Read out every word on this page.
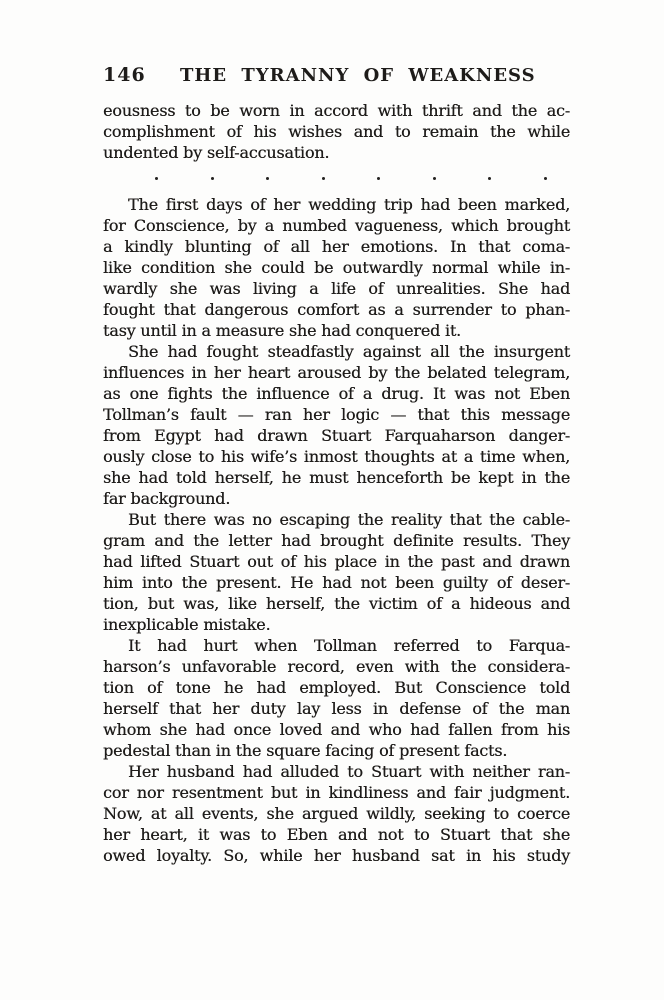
146	THE TYRANNY OF WEAKNESS
eousness to be worn in accord with thrift and the ac-
complishment of his wishes and to remain the while
undented by self-accusation.
The first days of her wedding trip had been marked,
for Conscience, by a numbed vagueness, which brought
a kindly blunting of all her emotions. In that coma-
like condition she could be outwardly normal while in-
wardly she was living a life of unrealities. She had
fought that dangerous comfort as a surrender to phan-
tasy until in a measure she had conquered it.
She had fought steadfastly against all the insurgent
influences in her heart aroused by the belated telegram,
as one fights the influence of a drug. It was not Eben
Tollman’s fault — ran her logic — that this message
from Egypt had drawn Stuart Farquaharson danger-
ously close to his wife’s inmost thoughts at a time when,
she had told herself, he must henceforth be kept in the
far background.
But there was no escaping the reality that the cable-
gram and the letter had brought definite results. They
had lifted Stuart out of his place in the past and drawn
him into the present. He had not been guilty of deser-
tion, but was, like herself, the victim of a hideous and
inexplicable mistake.
It had hurt when Tollman referred to Farqua-
harson’s unfavorable record, even with the considera-
tion of tone he had employed. But Conscience told
herself that her duty lay less in defense of the man
whom she had once loved and who had fallen from his
pedestal than in the square facing of present facts.
Her husband had alluded to Stuart with neither ran-
cor nor resentment but in kindliness and fair judgment.
Now, at all events, she argued wildly, seeking to coerce
her heart, it was to Eben and not to Stuart that she
owed loyalty. So, while her husband sat in his study
